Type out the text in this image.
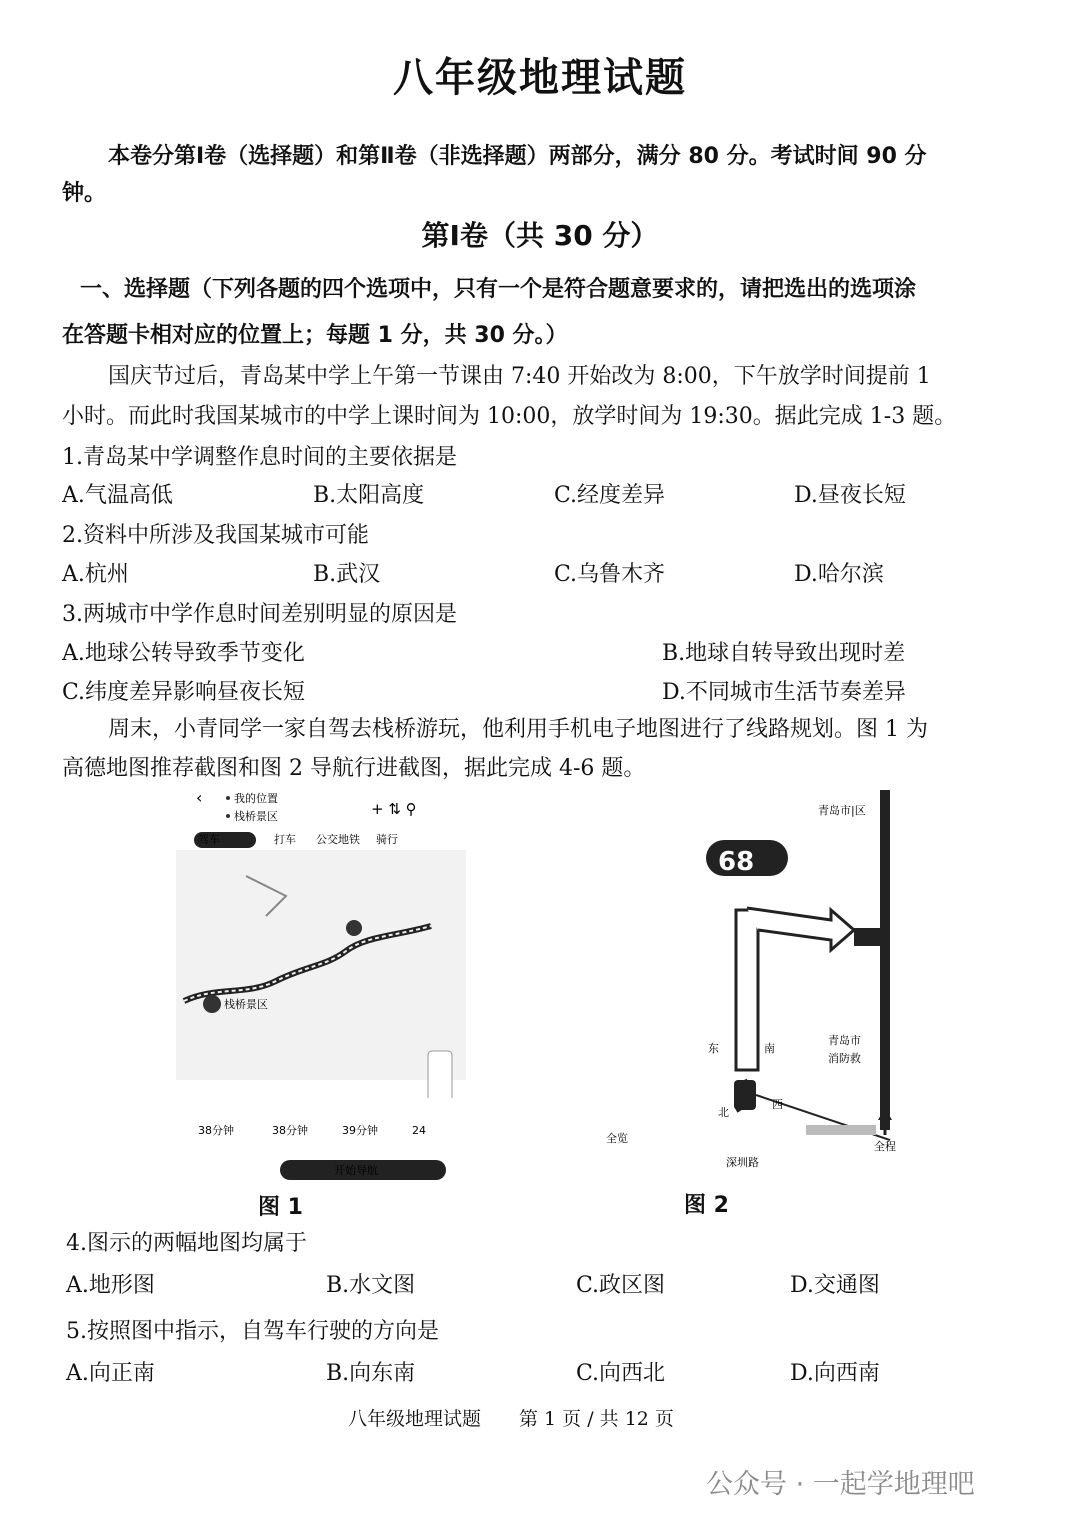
八年级地理试题
本卷分第Ⅰ卷（选择题）和第Ⅱ卷（非选择题）两部分，满分 80 分。考试时间 90 分
钟。
第Ⅰ卷（共 30 分）
一、选择题（下列各题的四个选项中，只有一个是符合题意要求的，请把选出的选项涂
在答题卡相对应的位置上；每题 1 分，共 30 分。）
国庆节过后，青岛某中学上午第一节课由 7:40 开始改为 8:00，下午放学时间提前 1
小时。而此时我国某城市的中学上课时间为 10:00，放学时间为 19:30。据此完成 1-3 题。
1.青岛某中学调整作息时间的主要依据是
A.气温高低	B.太阳高度	C.经度差异	D.昼夜长短
2.资料中所涉及我国某城市可能
A.杭州	B.武汉	C.乌鲁木齐	D.哈尔滨
3.两城市中学作息时间差别明显的原因是
A.地球公转导致季节变化	B.地球自转导致出现时差
C.纬度差异影响昼夜长短	D.不同城市生活节奏差异
周末，小青同学一家自驾去栈桥游玩，他利用手机电子地图进行了线路规划。图 1 为
高德地图推荐截图和图 2 导航行进截图，据此完成 4-6 题。
‹
+ ⇅ ⚲
驾车	打车 公交地铁 骑行
我的位置
栈桥景区
栈桥景区
38分钟	38分钟	39分钟	24
开始导航
图 1
68
青岛市|区
青岛市
消防救
东	南
北
西
深圳路
全览
全程
图 2
4.图示的两幅地图均属于
A.地形图	B.水文图	C.政区图	D.交通图
5.按照图中指示，自驾车行驶的方向是
A.向正南	B.向东南	C.向西北	D.向西南
八年级地理试题　　第 1 页 / 共 12 页
公众号 · 一起学地理吧
